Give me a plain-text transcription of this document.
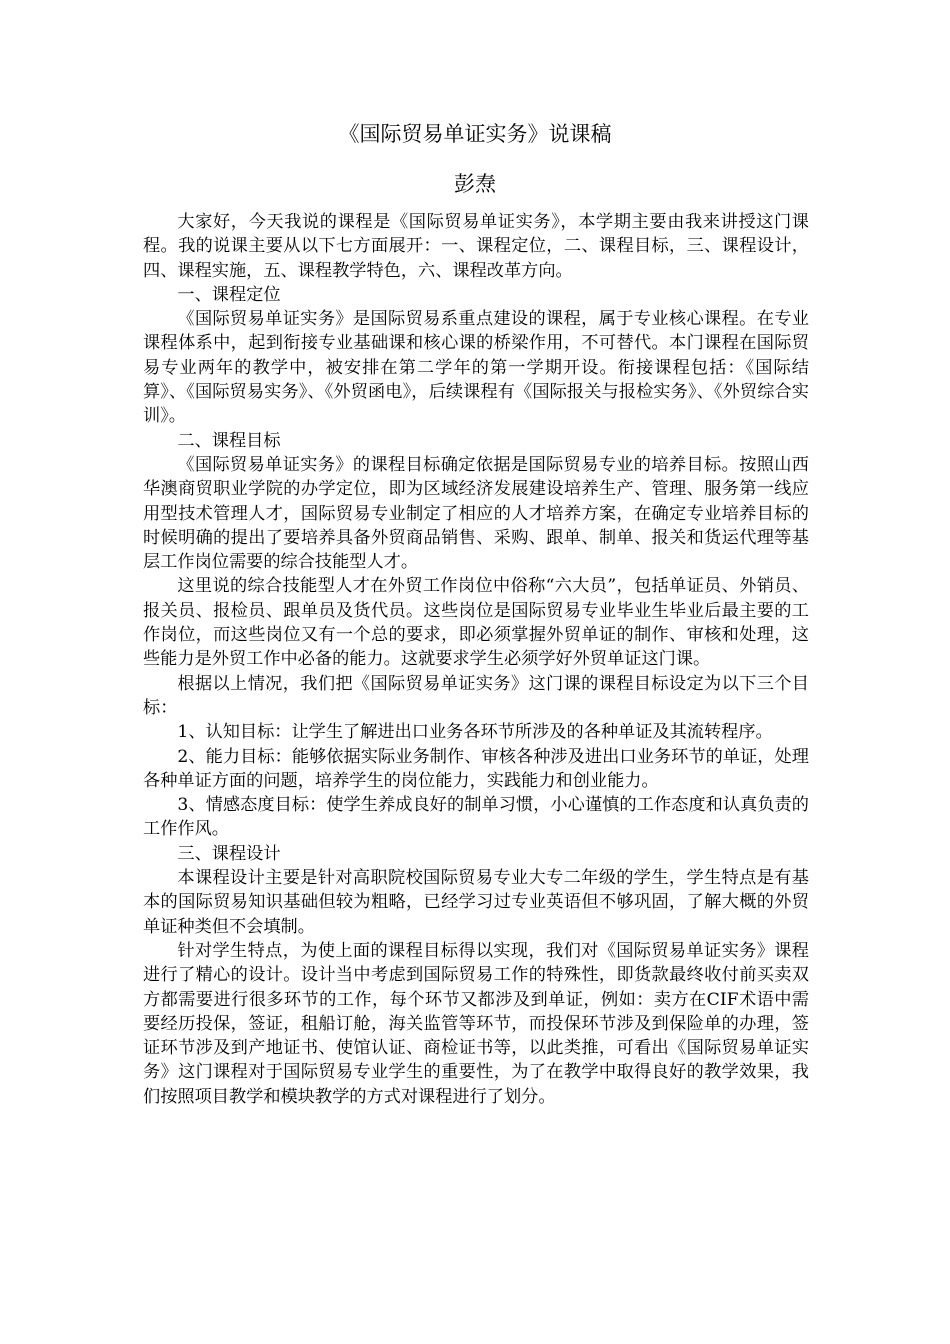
《国际贸易单证实务》说课稿
彭焘

大家好，今天我说的课程是《国际贸易单证实务》，本学期主要由我来讲授这门课程。我的说课主要从以下七方面展开：一、课程定位，二、课程目标，三、课程设计，四、课程实施，五、课程教学特色，六、课程改革方向。

一、课程定位

《国际贸易单证实务》是国际贸易系重点建设的课程，属于专业核心课程。在专业课程体系中，起到衔接专业基础课和核心课的桥梁作用，不可替代。本门课程在国际贸易专业两年的教学中，被安排在第二学年的第一学期开设。衔接课程包括：《国际结算》、《国际贸易实务》、《外贸函电》，后续课程有《国际报关与报检实务》、《外贸综合实训》。

二、课程目标

《国际贸易单证实务》的课程目标确定依据是国际贸易专业的培养目标。按照山西华澳商贸职业学院的办学定位，即为区域经济发展建设培养生产、管理、服务第一线应用型技术管理人才，国际贸易专业制定了相应的人才培养方案，在确定专业培养目标的时候明确的提出了要培养具备外贸商品销售、采购、跟单、制单、报关和货运代理等基层工作岗位需要的综合技能型人才。

这里说的综合技能型人才在外贸工作岗位中俗称“六大员”，包括单证员、外销员、报关员、报检员、跟单员及货代员。这些岗位是国际贸易专业毕业生毕业后最主要的工作岗位，而这些岗位又有一个总的要求，即必须掌握外贸单证的制作、审核和处理，这些能力是外贸工作中必备的能力。这就要求学生必须学好外贸单证这门课。

根据以上情况，我们把《国际贸易单证实务》这门课的课程目标设定为以下三个目标：

1、认知目标：让学生了解进出口业务各环节所涉及的各种单证及其流转程序。

2、能力目标：能够依据实际业务制作、审核各种涉及进出口业务环节的单证，处理各种单证方面的问题，培养学生的岗位能力，实践能力和创业能力。

3、情感态度目标：使学生养成良好的制单习惯，小心谨慎的工作态度和认真负责的工作作风。

三、课程设计

本课程设计主要是针对高职院校国际贸易专业大专二年级的学生，学生特点是有基本的国际贸易知识基础但较为粗略，已经学习过专业英语但不够巩固，了解大概的外贸单证种类但不会填制。

针对学生特点，为使上面的课程目标得以实现，我们对《国际贸易单证实务》课程进行了精心的设计。设计当中考虑到国际贸易工作的特殊性，即货款最终收付前买卖双方都需要进行很多环节的工作，每个环节又都涉及到单证，例如：卖方在CIF术语中需要经历投保，签证，租船订舱，海关监管等环节，而投保环节涉及到保险单的办理，签证环节涉及到产地证书、使馆认证、商检证书等，以此类推，可看出《国际贸易单证实务》这门课程对于国际贸易专业学生的重要性，为了在教学中取得良好的教学效果，我们按照项目教学和模块教学的方式对课程进行了划分。
